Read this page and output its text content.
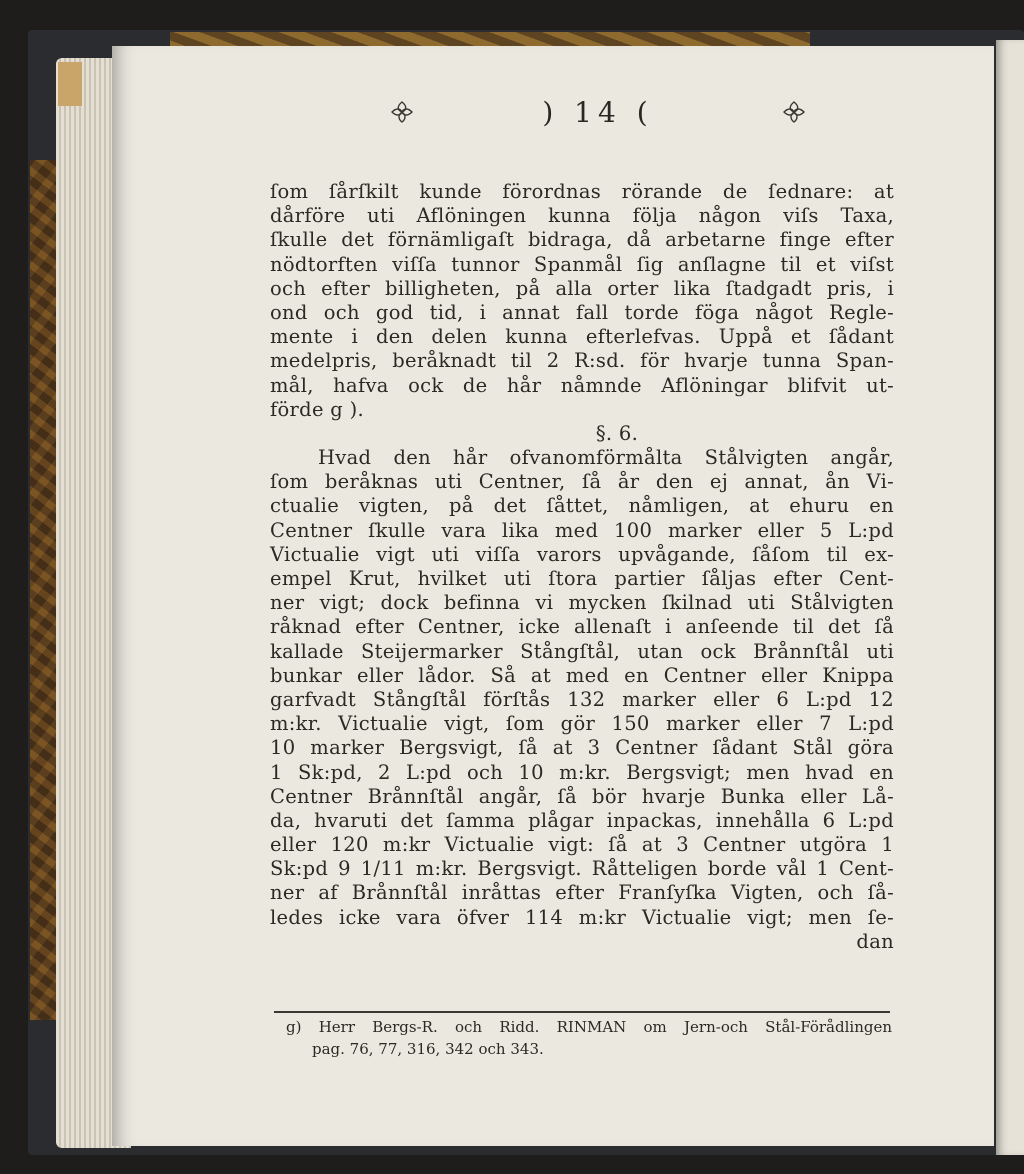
) 14 (
ſom ſårſkilt kunde förordnas rörande de ſednare: at
dårföre uti Aflöningen kunna följa någon viſs Taxa,
ſkulle det förnämligaſt bidraga, då arbetarne finge efter
nödtorften viſſa tunnor Spanmål ſig anſlagne til et viſst
och efter billigheten, på alla orter lika ſtadgadt pris, i
ond och god tid, i annat fall torde föga något Regle-
mente i den delen kunna efterlefvas. Uppå et ſådant
medelpris, beråknadt til 2 R:sd. för hvarje tunna Span-
mål, hafva ock de hår nåmnde Aflöningar blifvit ut-
förde g ).
§. 6.
Hvad den hår ofvanomförmålta Stålvigten angår,
ſom beråknas uti Centner, ſå år den ej annat, ån Vi-
ctualie vigten, på det ſåttet, nåmligen, at ehuru en
Centner ſkulle vara lika med 100 marker eller 5 L:pd
Victualie vigt uti viſſa varors upvågande, ſåſom til ex-
empel Krut, hvilket uti ſtora partier ſåljas efter Cent-
ner vigt; dock befinna vi mycken ſkilnad uti Stålvigten
råknad efter Centner, icke allenaſt i anſeende til det ſå
kallade Steijermarker Stångſtål, utan ock Brånnſtål uti
bunkar eller lådor. Så at med en Centner eller Knippa
garfvadt Stångſtål förſtås 132 marker eller 6 L:pd 12
m:kr. Victualie vigt, ſom gör 150 marker eller 7 L:pd
10 marker Bergsvigt, ſå at 3 Centner ſådant Stål göra
1 Sk:pd, 2 L:pd och 10 m:kr. Bergsvigt; men hvad en
Centner Brånnſtål angår, ſå bör hvarje Bunka eller Lå-
da, hvaruti det ſamma plågar inpackas, innehålla 6 L:pd
eller 120 m:kr Victualie vigt: ſå at 3 Centner utgöra 1
Sk:pd 9 1/11 m:kr. Bergsvigt. Råtteligen borde vål 1 Cent-
ner af Brånnſtål inråttas efter Franſyſka Vigten, och ſå-
ledes icke vara öfver 114 m:kr Victualie vigt; men ſe-
dan
g) Herr Bergs-R. och Ridd. RINMAN om Jern-och Stål-Förådlingen
pag. 76, 77, 316, 342 och 343.
